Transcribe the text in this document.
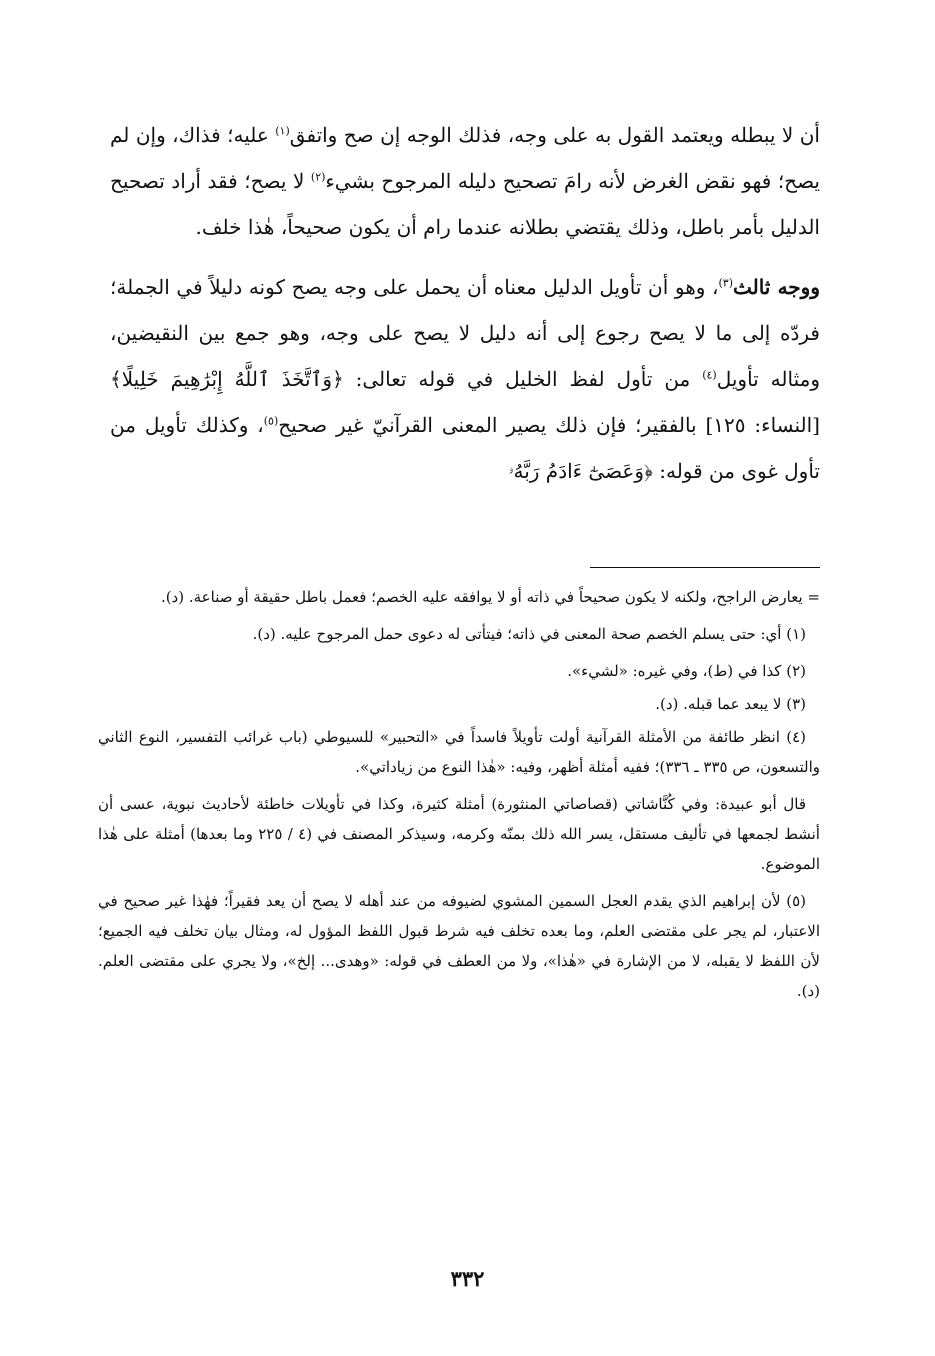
أن لا يبطله ويعتمد القول به على وجه، فذلك الوجه إن صح واتفق$^{(١)}$ عليه؛ فذاك، وإن لم يصح؛ فهو نقض الغرض لأنه رامَ تصحيح دليله المرجوح بشيء$^{(٢)}$ لا يصح؛ فقد أراد تصحيح الدليل بأمر باطل، وذلك يقتضي بطلانه عندما رام أن يكون صحيحاً، هٰذا خلف.

ووجه ثالث$^{(٣)}$، وهو أن تأويل الدليل معناه أن يحمل على وجه يصح كونه دليلاً في الجملة؛ فردّه إلى ما لا يصح رجوع إلى أنه دليل لا يصح على وجه، وهو جمع بين النقيضين، ومثاله تأويل$^{(٤)}$ من تأول لفظ الخليل في قوله تعالى: ﴿وَٱتَّخَذَ ٱللَّهُ إِبْرَٰهِيمَ خَلِيلًا﴾ [النساء: ١٢٥] بالفقير؛ فإن ذلك يصير المعنى القرآنيّ غير صحيح$^{(٥)}$، وكذلك تأويل من تأول غوى من قوله: ﴿وَعَصَىٰٓ ءَادَمُ رَبَّهُۥ

= يعارض الراجح، ولكنه لا يكون صحيحاً في ذاته أو لا يوافقه عليه الخصم؛ فعمل باطل حقيقة أو صناعة. (د).

(١) أي: حتى يسلم الخصم صحة المعنى في ذاته؛ فيتأتى له دعوى حمل المرجوح عليه. (د).

(٢) كذا في (ط)، وفي غيره: «لشيء».

(٣) لا يبعد عما قبله. (د).

(٤) انظر طائفة من الأمثلة القرآنية أولت تأويلاً فاسداً في «التحبير» للسيوطي (باب غرائب التفسير، النوع الثاني والتسعون، ص ٣٣٥ ـ ٣٣٦)؛ ففيه أمثلة أظهر، وفيه: «هٰذا النوع من زياداتي».

قال أبو عبيدة: وفي كُنَّاشاتي (قصاصاتي المنثورة) أمثلة كثيرة، وكذا في تأويلات خاطئة لأحاديث نبوية، عسى أن أنشط لجمعها في تأليف مستقل، يسر الله ذلك بمنّه وكرمه، وسيذكر المصنف في (٤ / ٢٢٥ وما بعدها) أمثلة على هٰذا الموضوع.

(٥) لأن إبراهيم الذي يقدم العجل السمين المشوي لضيوفه من عند أهله لا يصح أن يعد فقيراً؛ فهٰذا غير صحيح في الاعتبار، لم يجر على مقتضى العلم، وما بعده تخلف فيه شرط قبول اللفظ المؤول له، ومثال بيان تخلف فيه الجميع؛ لأن اللفظ لا يقبله، لا من الإشارة في «هٰذا»، ولا من العطف في قوله: «وهدى... إلخ»، ولا يجري على مقتضى العلم. (د).

٣٣٢
